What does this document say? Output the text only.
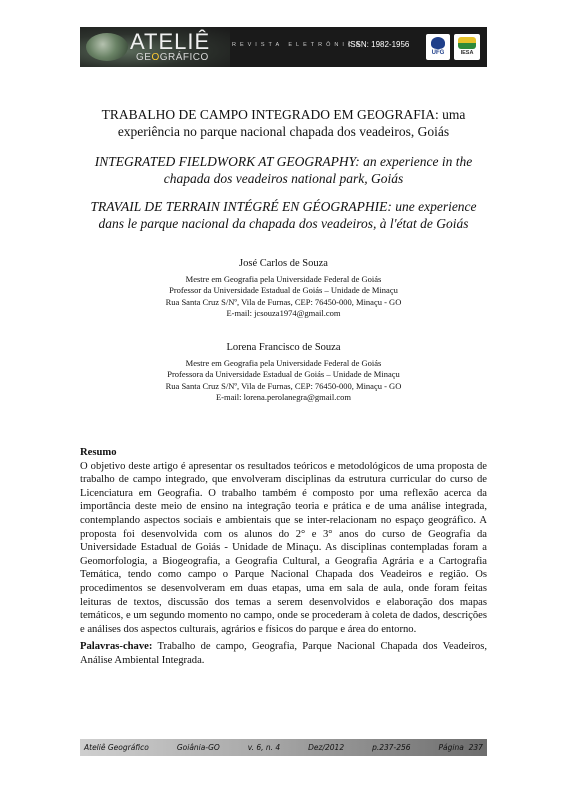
ATELIÊ
GEOGRÁFICO
REVISTA ELETRÔNICA
ISSN: 1982-1956
UFG	IESA
TRABALHO DE CAMPO INTEGRADO EM GEOGRAFIA: uma experiência no parque nacional chapada dos veadeiros, Goiás
INTEGRATED FIELDWORK AT GEOGRAPHY: an experience in the chapada dos veadeiros national park, Goiás
TRAVAIL DE TERRAIN INTÉGRÉ EN GÉOGRAPHIE: une experience dans le parque nacional da chapada dos veadeiros, à l'état de Goiás
José Carlos de Souza
Mestre em Geografia pela Universidade Federal de Goiás
Professor da Universidade Estadual de Goiás – Unidade de Minaçu
Rua Santa Cruz S/Nº, Vila de Furnas, CEP: 76450-000, Minaçu - GO
E-mail: jcsouza1974@gmail.com
Lorena Francisco de Souza
Mestre em Geografia pela Universidade Federal de Goiás
Professora da Universidade Estadual de Goiás – Unidade de Minaçu
Rua Santa Cruz S/Nº, Vila de Furnas, CEP: 76450-000, Minaçu - GO
E-mail: lorena.perolanegra@gmail.com
Resumo
O objetivo deste artigo é apresentar os resultados teóricos e metodológicos de uma proposta de trabalho de campo integrado, que envolveram disciplinas da estrutura curricular do curso de Licenciatura em Geografia. O trabalho também é composto por uma reflexão acerca da importância deste meio de ensino na integração teoria e prática e de uma análise integrada, contemplando aspectos sociais e ambientais que se inter-relacionam no espaço geográfico. A proposta foi desenvolvida com os alunos do 2° e 3° anos do curso de Geografia da Universidade Estadual de Goiás - Unidade de Minaçu. As disciplinas contempladas foram a Geomorfologia, a Biogeografia, a Geografia Cultural, a Geografia Agrária e a Cartografia Temática, tendo como campo o Parque Nacional Chapada dos Veadeiros e região. Os procedimentos se desenvolveram em duas etapas, uma em sala de aula, onde foram feitas leituras de textos, discussão dos temas a serem desenvolvidos e elaboração dos mapas temáticos, e um segundo momento no campo, onde se procederam à coleta de dados, descrições e análises dos aspectos culturais, agrários e físicos do parque e área do entorno.
Palavras-chave: Trabalho de campo, Geografia, Parque Nacional Chapada dos Veadeiros, Análise Ambiental Integrada.
Ateliê Geográfico	Goiânia-GO	v. 6, n. 4	Dez/2012	p.237-256	Página 237
